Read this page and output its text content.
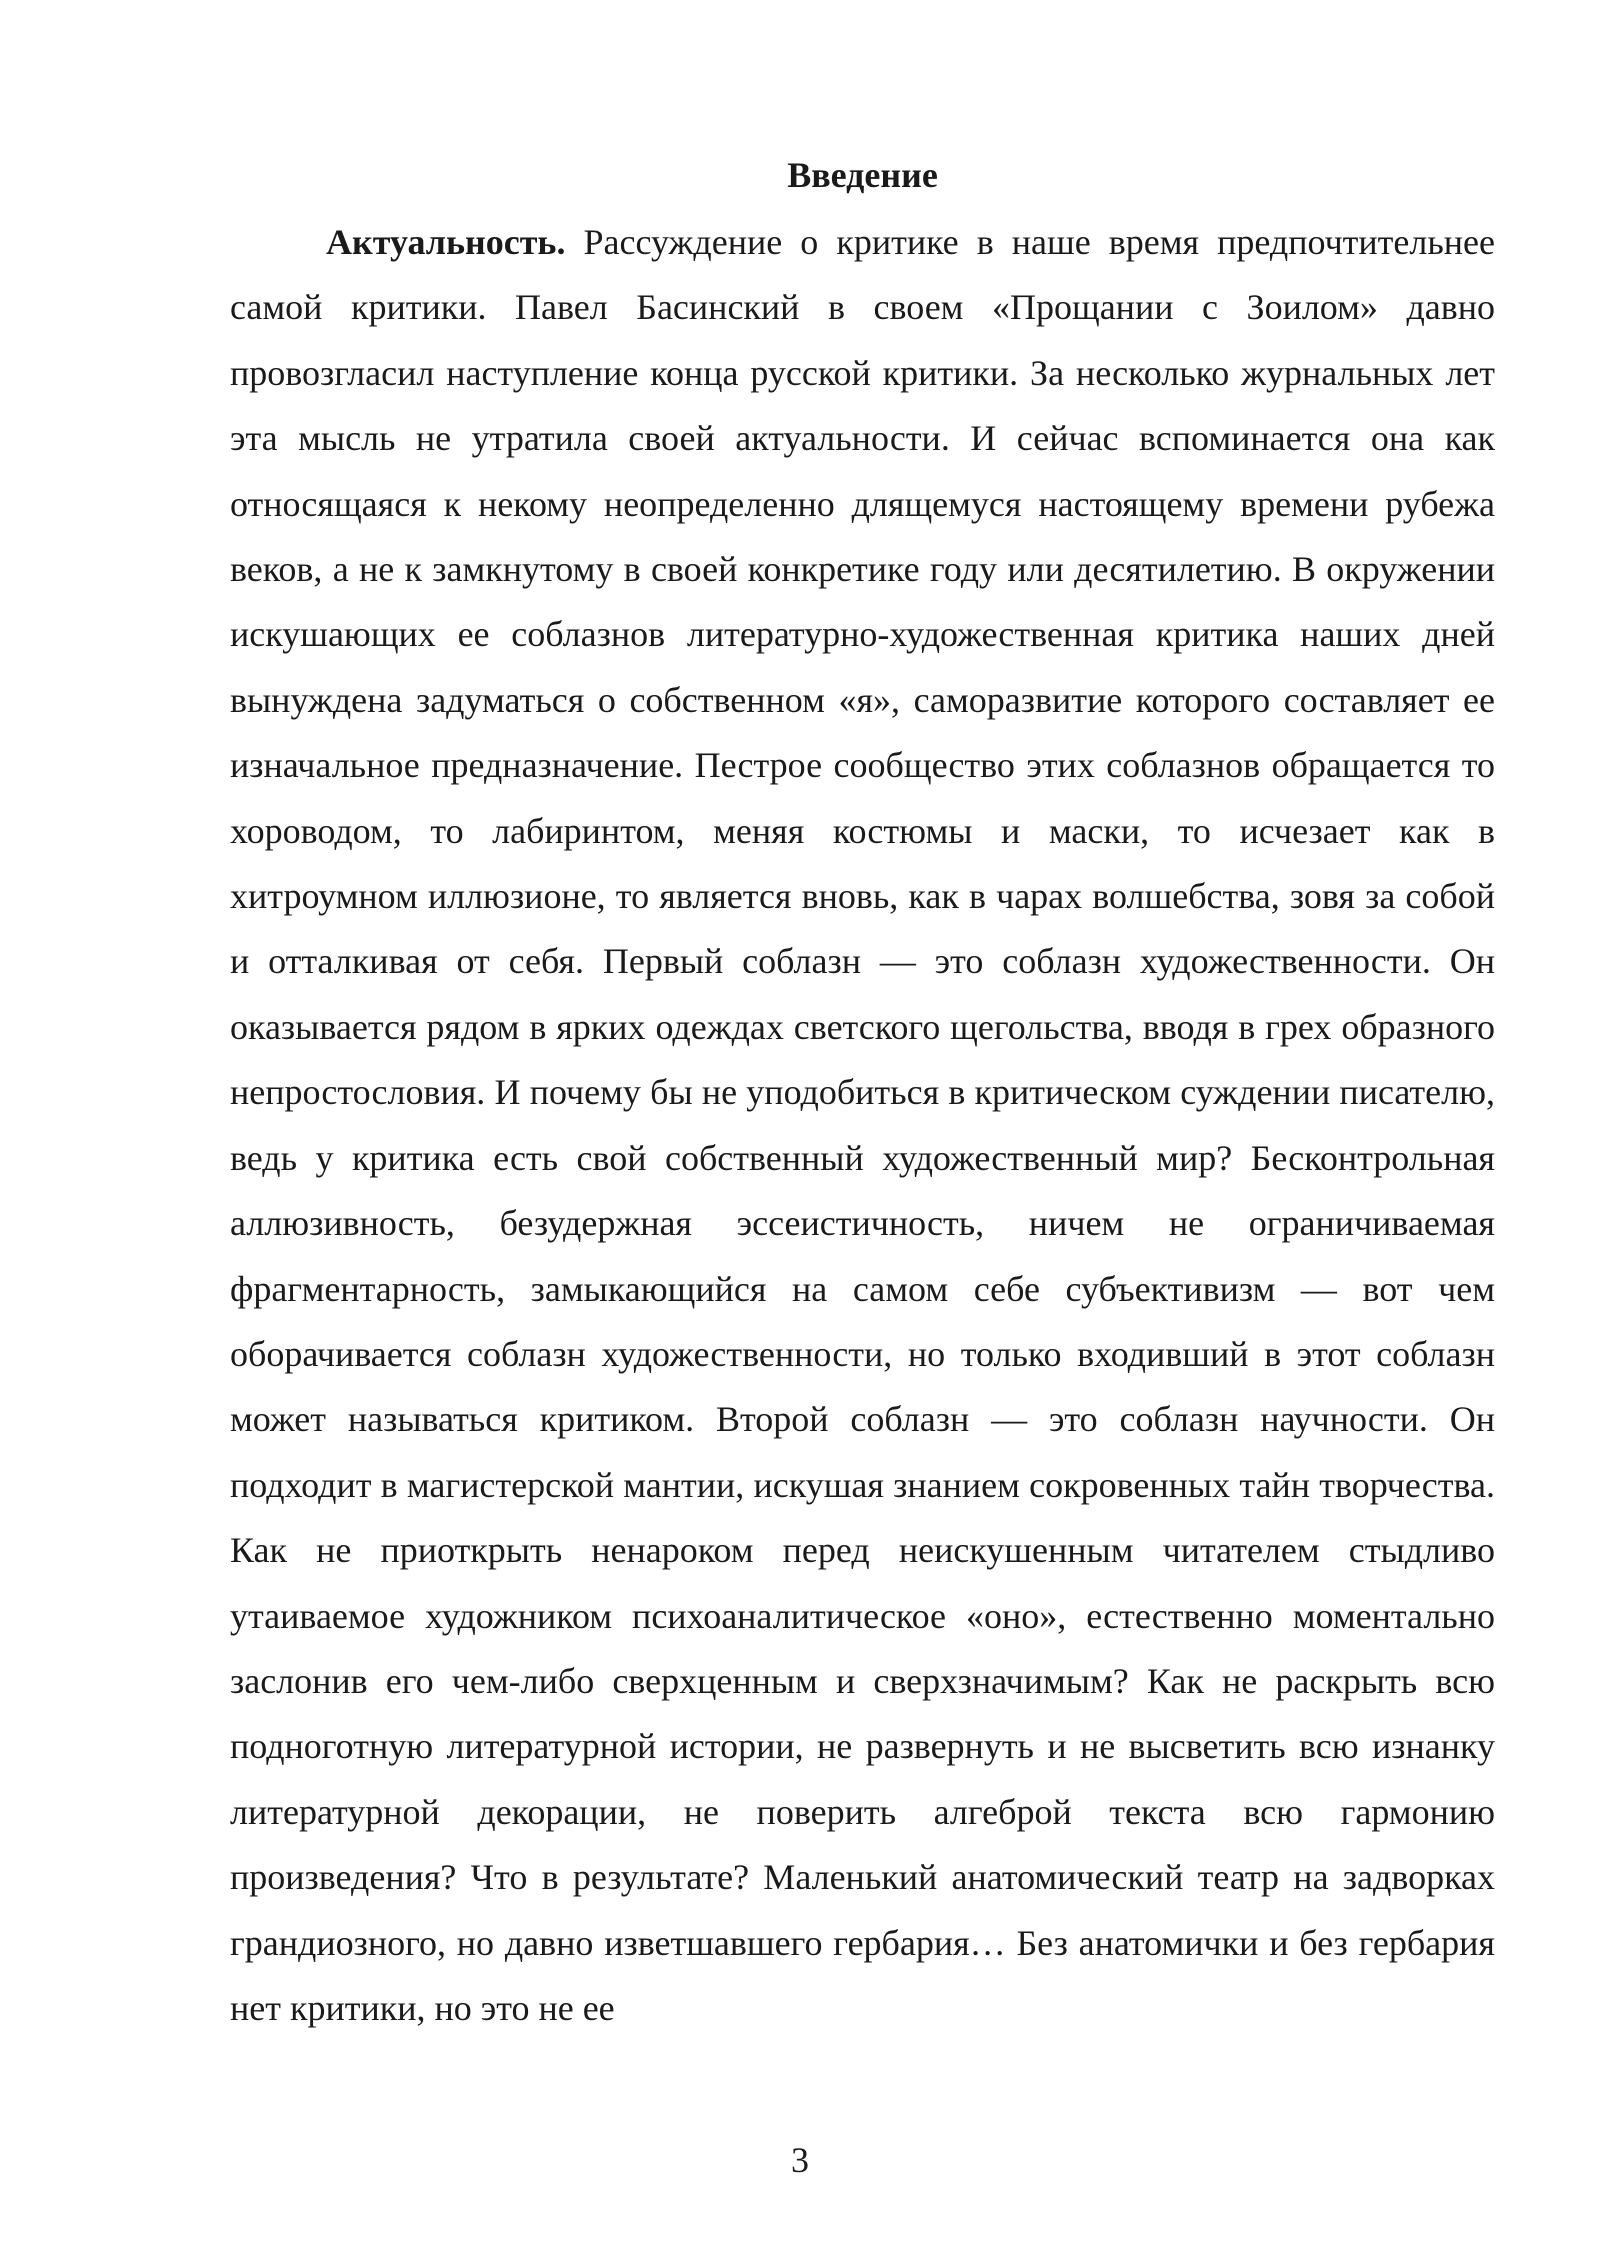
Введение

Актуальность. Рассуждение о критике в наше время предпочтительнее самой критики. Павел Басинский в своем «Прощании с Зоилом» давно провозгласил наступление конца русской критики. За несколько журнальных лет эта мысль не утратила своей актуальности. И сейчас вспоминается она как относящаяся к некому неопределенно длящемуся настоящему времени рубежа веков, а не к замкнутому в своей конкретике году или десятилетию. В окружении искушающих ее соблазнов литературно-художественная критика наших дней вынуждена задуматься о собственном «я», саморазвитие которого составляет ее изначальное предназначение. Пестрое сообщество этих соблазнов обращается то хороводом, то лабиринтом, меняя костюмы и маски, то исчезает как в хитроумном иллюзионе, то является вновь, как в чарах волшебства, зовя за собой и отталкивая от себя. Первый соблазн — это соблазн художественности. Он оказывается рядом в ярких одеждах светского щегольства, вводя в грех образного непростословия. И почему бы не уподобиться в критическом суждении писателю, ведь у критика есть свой собственный художественный мир? Бесконтрольная аллюзивность, безудержная эссеистичность, ничем не ограничиваемая фрагментарность, замыкающийся на самом себе субъективизм — вот чем оборачивается соблазн художественности, но только входивший в этот соблазн может называться критиком. Второй соблазн — это соблазн научности. Он подходит в магистерской мантии, искушая знанием сокровенных тайн творчества. Как не приоткрыть ненароком перед неискушенным читателем стыдливо утаиваемое художником психоаналитическое «оно», естественно моментально заслонив его чем-либо сверхценным и сверхзначимым? Как не раскрыть всю подноготную литературной истории, не развернуть и не высветить всю изнанку литературной декорации, не поверить алгеброй текста всю гармонию произведения? Что в результате? Маленький анатомический театр на задворках грандиозного, но давно изветшавшего гербария… Без анатомички и без гербария нет критики, но это не ее

3
